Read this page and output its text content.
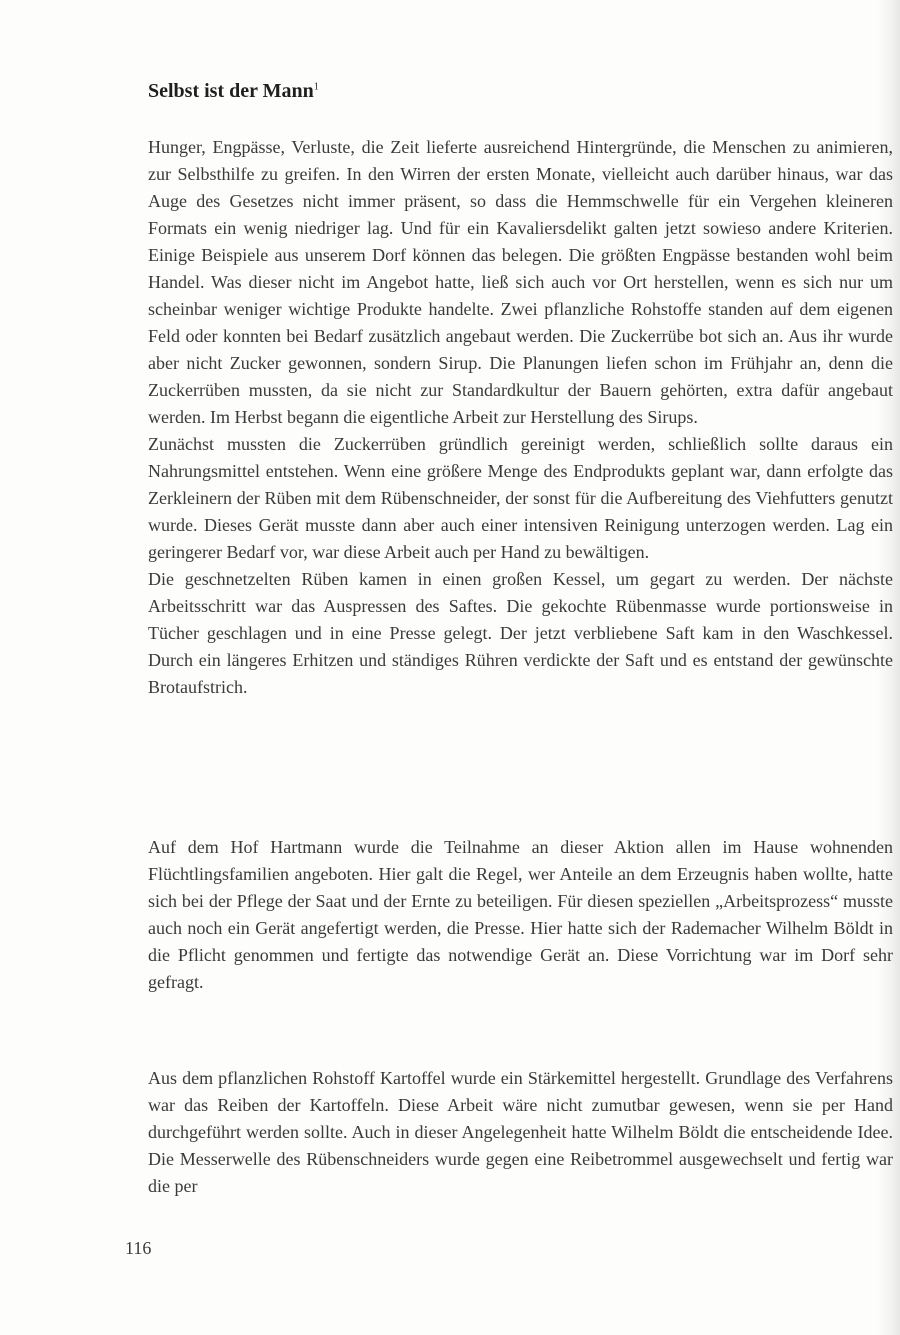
Selbst ist der Mann$^1$

Hunger, Engpässe, Verluste, die Zeit lieferte ausreichend Hintergründe, die Menschen zu animieren, zur Selbsthilfe zu greifen. In den Wirren der ersten Monate, vielleicht auch darüber hinaus, war das Auge des Gesetzes nicht immer präsent, so dass die Hemmschwelle für ein Vergehen kleineren Formats ein wenig niedriger lag. Und für ein Kavaliersdelikt galten jetzt sowieso andere Kriterien. Einige Beispiele aus unserem Dorf können das belegen. Die größten Engpässe bestanden wohl beim Handel. Was dieser nicht im Angebot hatte, ließ sich auch vor Ort herstellen, wenn es sich nur um scheinbar weniger wichtige Produkte handelte. Zwei pflanzliche Rohstoffe standen auf dem eigenen Feld oder konnten bei Bedarf zusätzlich angebaut werden. Die Zuckerrübe bot sich an. Aus ihr wurde aber nicht Zucker gewonnen, sondern Sirup. Die Planungen liefen schon im Frühjahr an, denn die Zuckerrüben mussten, da sie nicht zur Standardkultur der Bauern gehörten, extra dafür angebaut werden. Im Herbst begann die eigentliche Arbeit zur Herstellung des Sirups.

Zunächst mussten die Zuckerrüben gründlich gereinigt werden, schließlich sollte daraus ein Nahrungsmittel entstehen. Wenn eine größere Menge des Endprodukts geplant war, dann erfolgte das Zerkleinern der Rüben mit dem Rübenschneider, der sonst für die Aufbereitung des Viehfutters genutzt wurde. Dieses Gerät musste dann aber auch einer intensiven Reinigung unterzogen werden. Lag ein geringerer Bedarf vor, war diese Arbeit auch per Hand zu bewältigen.

Die geschnetzelten Rüben kamen in einen großen Kessel, um gegart zu werden. Der nächste Arbeitsschritt war das Auspressen des Saftes. Die gekochte Rübenmasse wurde portionsweise in Tücher geschlagen und in eine Presse gelegt. Der jetzt verbliebene Saft kam in den Waschkessel. Durch ein längeres Erhitzen und ständiges Rühren verdickte der Saft und es entstand der gewünschte Brotaufstrich.

Auf dem Hof Hartmann wurde die Teilnahme an dieser Aktion allen im Hause wohnenden Flüchtlingsfamilien angeboten. Hier galt die Regel, wer Anteile an dem Erzeugnis haben wollte, hatte sich bei der Pflege der Saat und der Ernte zu beteiligen. Für diesen speziellen „Arbeitsprozess“ musste auch noch ein Gerät angefertigt werden, die Presse. Hier hatte sich der Rademacher Wilhelm Böldt in die Pflicht genommen und fertigte das notwendige Gerät an. Diese Vorrichtung war im Dorf sehr gefragt.

Aus dem pflanzlichen Rohstoff Kartoffel wurde ein Stärkemittel hergestellt. Grundlage des Verfahrens war das Reiben der Kartoffeln. Diese Arbeit wäre nicht zumutbar gewesen, wenn sie per Hand durchgeführt werden sollte. Auch in dieser Angelegenheit hatte Wilhelm Böldt die entscheidende Idee. Die Messerwelle des Rübenschneiders wurde gegen eine Reibetrommel ausgewechselt und fertig war die per

116
